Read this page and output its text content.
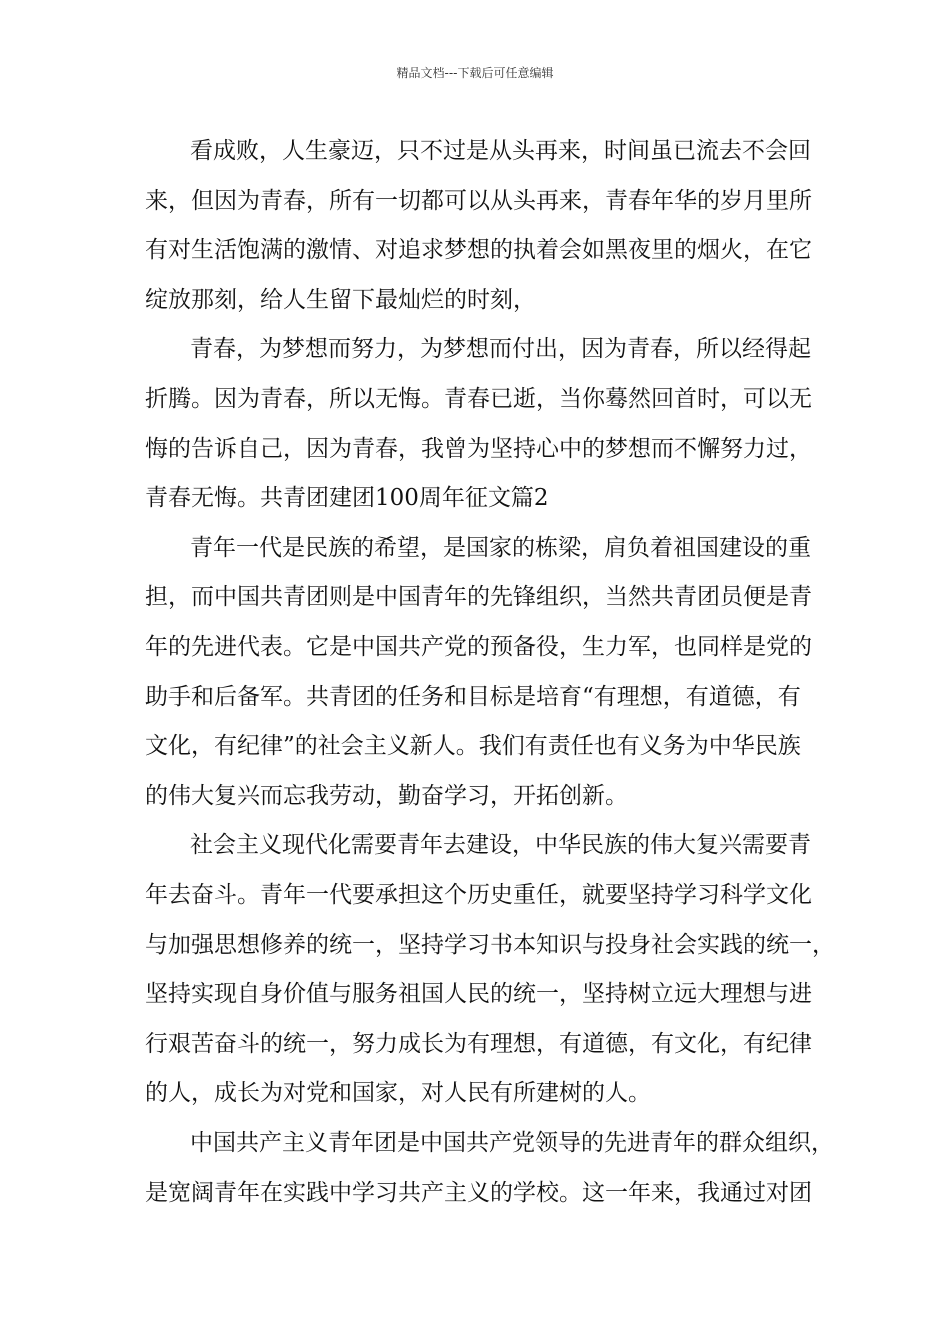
精品文档---下载后可任意编辑
看成败，人生豪迈，只不过是从头再来，时间虽已流去不会回
来，但因为青春，所有一切都可以从头再来，青春年华的岁月里所
有对生活饱满的激情、对追求梦想的执着会如黑夜里的烟火，在它
绽放那刻，给人生留下最灿烂的时刻，
青春，为梦想而努力，为梦想而付出，因为青春，所以经得起
折腾。因为青春，所以无悔。青春已逝，当你蓦然回首时，可以无
悔的告诉自己，因为青春，我曾为坚持心中的梦想而不懈努力过，
青春无悔。共青团建团100周年征文篇2
青年一代是民族的希望，是国家的栋梁，肩负着祖国建设的重
担，而中国共青团则是中国青年的先锋组织，当然共青团员便是青
年的先进代表。它是中国共产党的预备役，生力军，也同样是党的
助手和后备军。共青团的任务和目标是培育“有理想，有道德，有
文化，有纪律”的社会主义新人。我们有责任也有义务为中华民族
的伟大复兴而忘我劳动，勤奋学习，开拓创新。
社会主义现代化需要青年去建设，中华民族的伟大复兴需要青
年去奋斗。青年一代要承担这个历史重任，就要坚持学习科学文化
与加强思想修养的统一，坚持学习书本知识与投身社会实践的统一，
坚持实现自身价值与服务祖国人民的统一，坚持树立远大理想与进
行艰苦奋斗的统一，努力成长为有理想，有道德，有文化，有纪律
的人，成长为对党和国家，对人民有所建树的人。
中国共产主义青年团是中国共产党领导的先进青年的群众组织，
是宽阔青年在实践中学习共产主义的学校。这一年来，我通过对团
